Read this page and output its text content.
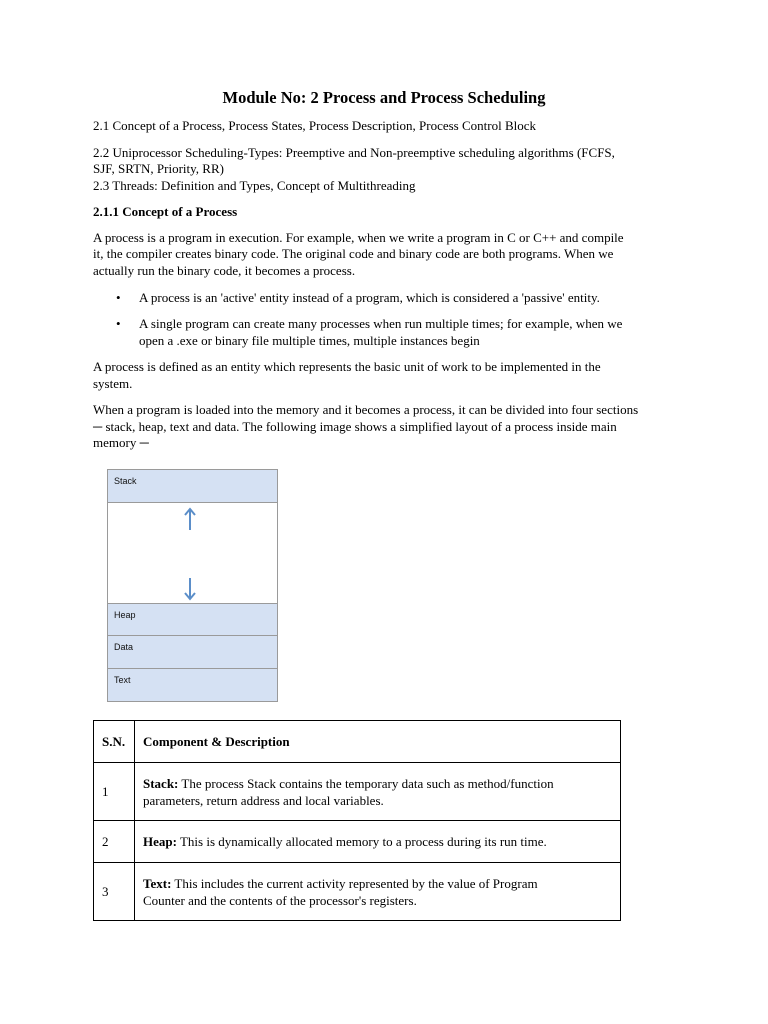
Module No: 2 Process and Process Scheduling
2.1 Concept of a Process, Process States, Process Description, Process Control Block
2.2 Uniprocessor Scheduling-Types: Preemptive and Non-preemptive scheduling algorithms (FCFS,
SJF, SRTN, Priority, RR)
2.3 Threads: Definition and Types, Concept of Multithreading
2.1.1 Concept of a Process
A process is a program in execution. For example, when we write a program in C or C++ and compile
it, the compiler creates binary code. The original code and binary code are both programs. When we
actually run the binary code, it becomes a process.
• A process is an 'active' entity instead of a program, which is considered a 'passive' entity.
• A single program can create many processes when run multiple times; for example, when we
open a .exe or binary file multiple times, multiple instances begin
A process is defined as an entity which represents the basic unit of work to be implemented in the
system.
When a program is loaded into the memory and it becomes a process, it can be divided into four sections
─ stack, heap, text and data. The following image shows a simplified layout of a process inside main
memory ─
Stack
Heap
Data
Text
S.N.	Component & Description
1	Stack: The process Stack contains the temporary data such as method/function
parameters, return address and local variables.
2	Heap: This is dynamically allocated memory to a process during its run time.
3	Text: This includes the current activity represented by the value of Program
Counter and the contents of the processor's registers.
